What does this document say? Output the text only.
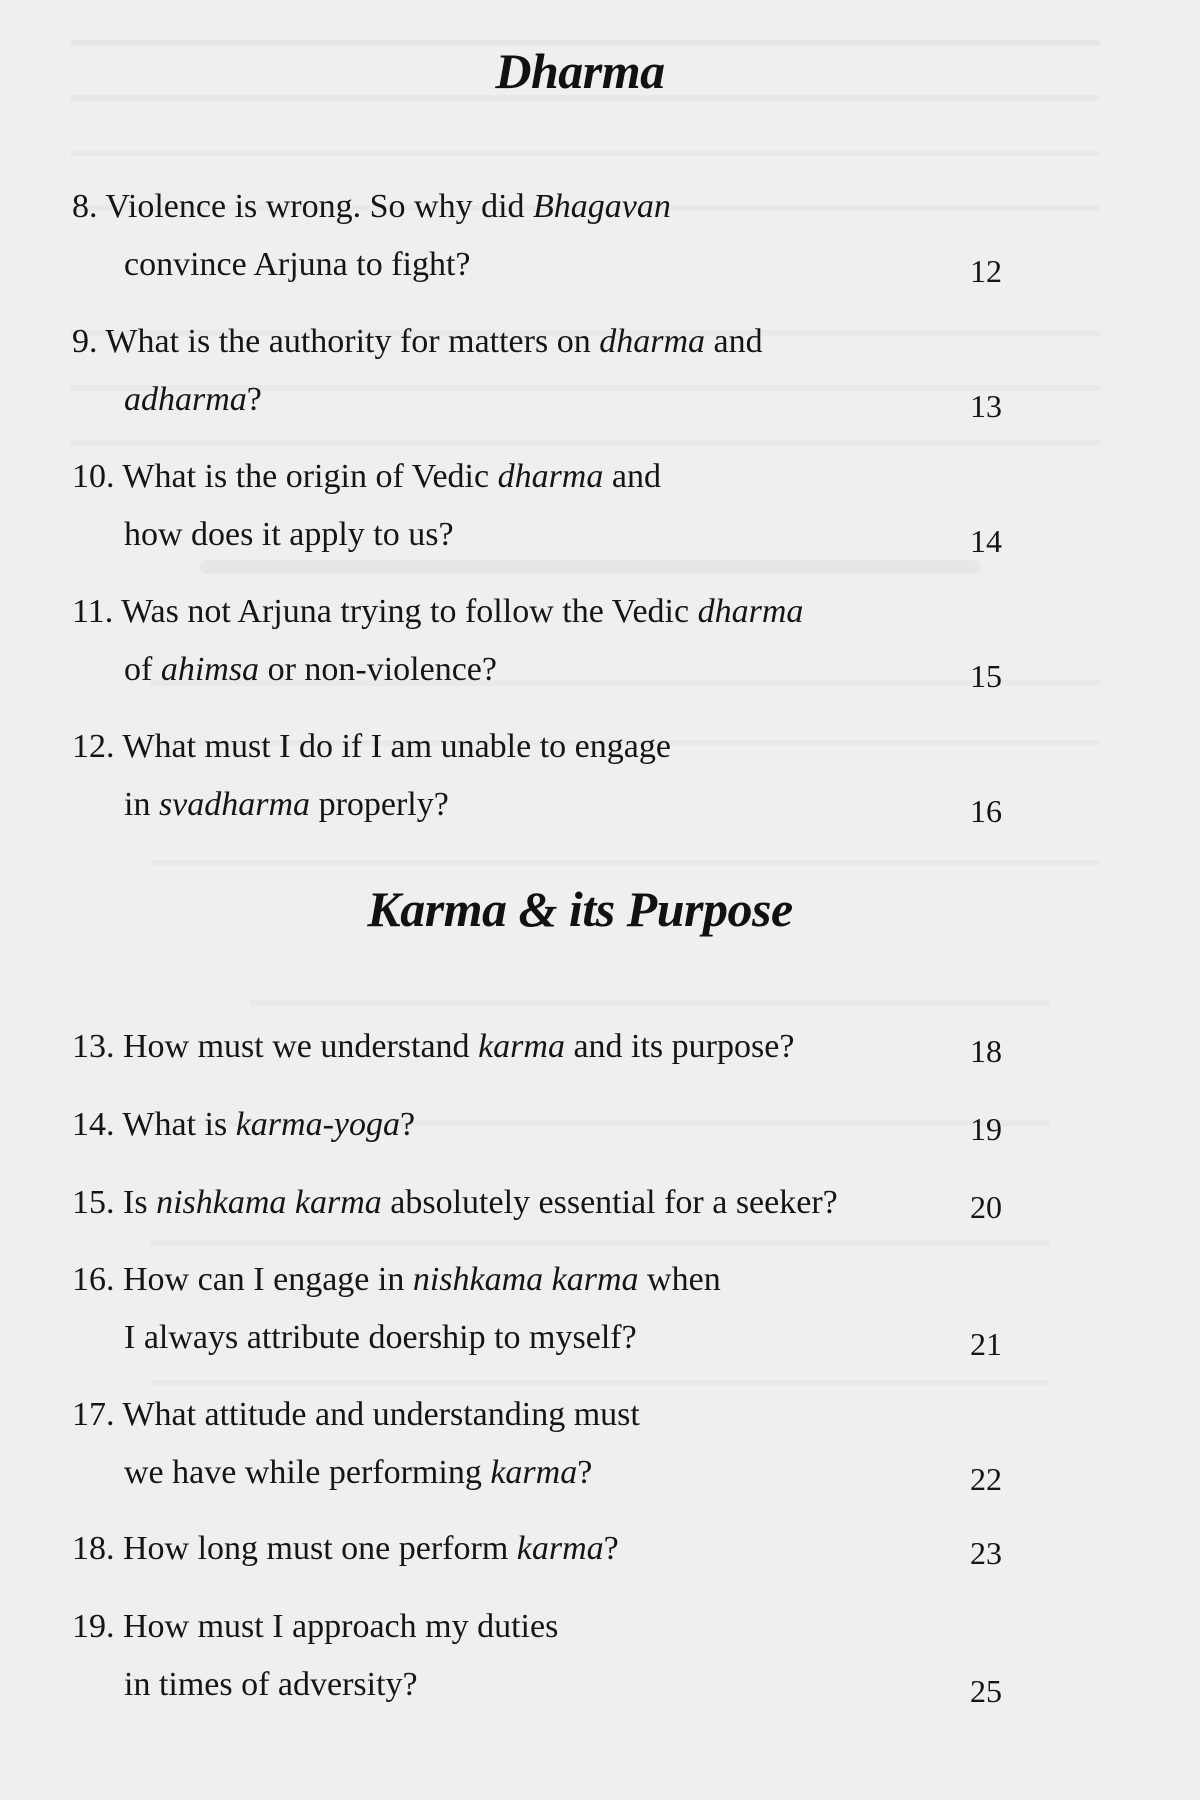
Dharma
8. Violence is wrong. So why did Bhagavan
convince Arjuna to fight?	12
9. What is the authority for matters on dharma and
adharma?	13
10. What is the origin of Vedic dharma and
how does it apply to us?	14
11. Was not Arjuna trying to follow the Vedic dharma
of ahimsa or non-violence?	15
12. What must I do if I am unable to engage
in svadharma properly?	16
Karma & its Purpose
13. How must we understand karma and its purpose?	18
14. What is karma-yoga?	19
15. Is nishkama karma absolutely essential for a seeker?	20
16. How can I engage in nishkama karma when
I always attribute doership to myself?	21
17. What attitude and understanding must
we have while performing karma?	22
18. How long must one perform karma?	23
19. How must I approach my duties
in times of adversity?	25
